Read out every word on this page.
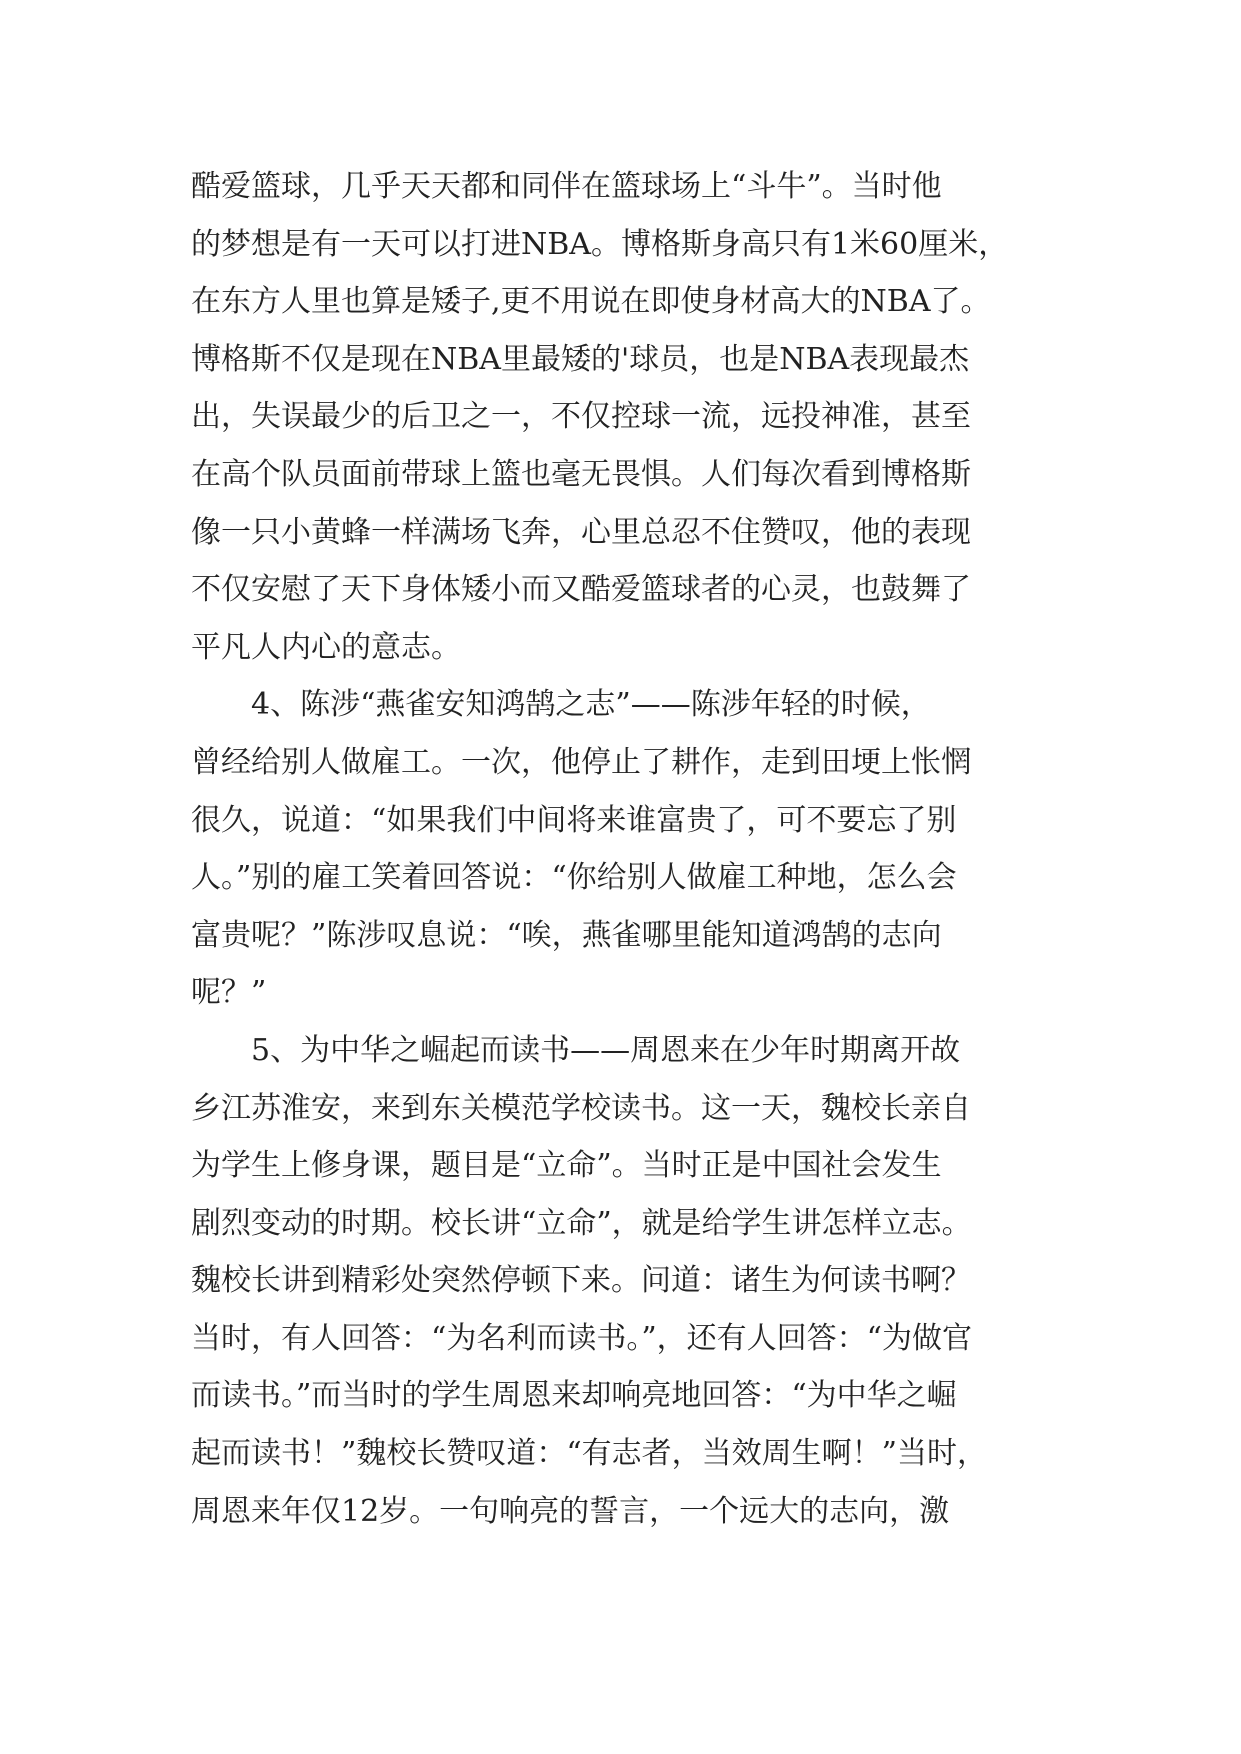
酷爱篮球，几乎天天都和同伴在篮球场上“斗牛”。当时他
的梦想是有一天可以打进NBA。博格斯身高只有1米60厘米，
在东方人里也算是矮子,更不用说在即使身材高大的NBA了。
博格斯不仅是现在NBA里最矮的'球员，也是NBA表现最杰
出，失误最少的后卫之一，不仅控球一流，远投神准，甚至
在高个队员面前带球上篮也毫无畏惧。人们每次看到博格斯
像一只小黄蜂一样满场飞奔，心里总忍不住赞叹，他的表现
不仅安慰了天下身体矮小而又酷爱篮球者的心灵，也鼓舞了
平凡人内心的意志。
4、陈涉“燕雀安知鸿鹄之志”——陈涉年轻的时候，
曾经给别人做雇工。一次，他停止了耕作，走到田埂上怅惘
很久，说道：“如果我们中间将来谁富贵了，可不要忘了别
人。”别的雇工笑着回答说：“你给别人做雇工种地，怎么会
富贵呢？”陈涉叹息说：“唉，燕雀哪里能知道鸿鹄的志向
呢？”
5、为中华之崛起而读书——周恩来在少年时期离开故
乡江苏淮安，来到东关模范学校读书。这一天，魏校长亲自
为学生上修身课，题目是“立命”。当时正是中国社会发生
剧烈变动的时期。校长讲“立命”，就是给学生讲怎样立志。
魏校长讲到精彩处突然停顿下来。问道：诸生为何读书啊？
当时，有人回答：“为名利而读书。”，还有人回答：“为做官
而读书。”而当时的学生周恩来却响亮地回答：“为中华之崛
起而读书！”魏校长赞叹道：“有志者，当效周生啊！”当时，
周恩来年仅12岁。一句响亮的誓言，一个远大的志向，激
